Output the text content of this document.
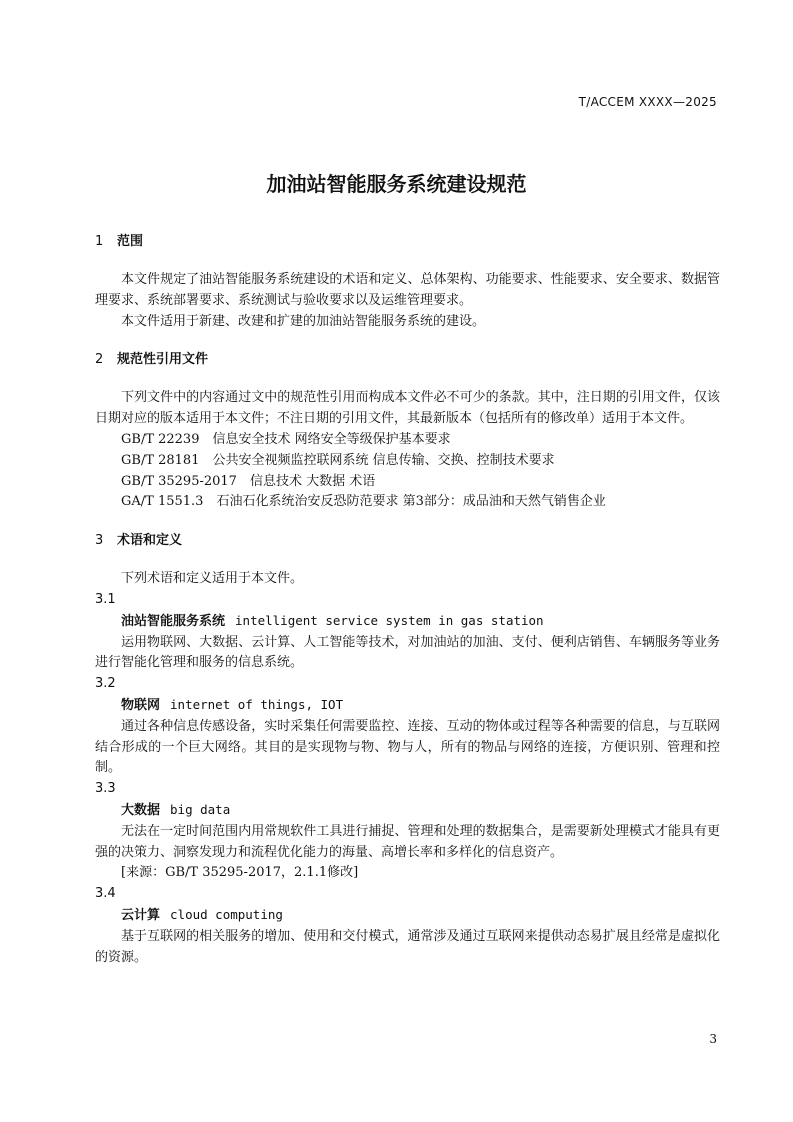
T/ACCEM XXXX—2025
加油站智能服务系统建设规范
1 范围

本文件规定了油站智能服务系统建设的术语和定义、总体架构、功能要求、性能要求、安全要求、数据管理要求、系统部署要求、系统测试与验收要求以及运维管理要求。

本文件适用于新建、改建和扩建的加油站智能服务系统的建设。

2 规范性引用文件

下列文件中的内容通过文中的规范性引用而构成本文件必不可少的条款。其中，注日期的引用文件，仅该日期对应的版本适用于本文件；不注日期的引用文件，其最新版本（包括所有的修改单）适用于本文件。

GB/T 22239　信息安全技术 网络安全等级保护基本要求

GB/T 28181　公共安全视频监控联网系统 信息传输、交换、控制技术要求

GB/T 35295-2017　信息技术 大数据 术语

GA/T 1551.3　石油石化系统治安反恐防范要求 第3部分：成品油和天然气销售企业

3 术语和定义

下列术语和定义适用于本文件。

3.1

油站智能服务系统 intelligent service system in gas station

运用物联网、大数据、云计算、人工智能等技术，对加油站的加油、支付、便利店销售、车辆服务等业务进行智能化管理和服务的信息系统。

3.2

物联网 internet of things, IOT

通过各种信息传感设备，实时采集任何需要监控、连接、互动的物体或过程等各种需要的信息，与互联网结合形成的一个巨大网络。其目的是实现物与物、物与人，所有的物品与网络的连接，方便识别、管理和控制。

3.3

大数据 big data

无法在一定时间范围内用常规软件工具进行捕捉、管理和处理的数据集合，是需要新处理模式才能具有更强的决策力、洞察发现力和流程优化能力的海量、高增长率和多样化的信息资产。

[来源：GB/T 35295-2017，2.1.1修改]

3.4

云计算 cloud computing

基于互联网的相关服务的增加、使用和交付模式，通常涉及通过互联网来提供动态易扩展且经常是虚拟化的资源。

3
